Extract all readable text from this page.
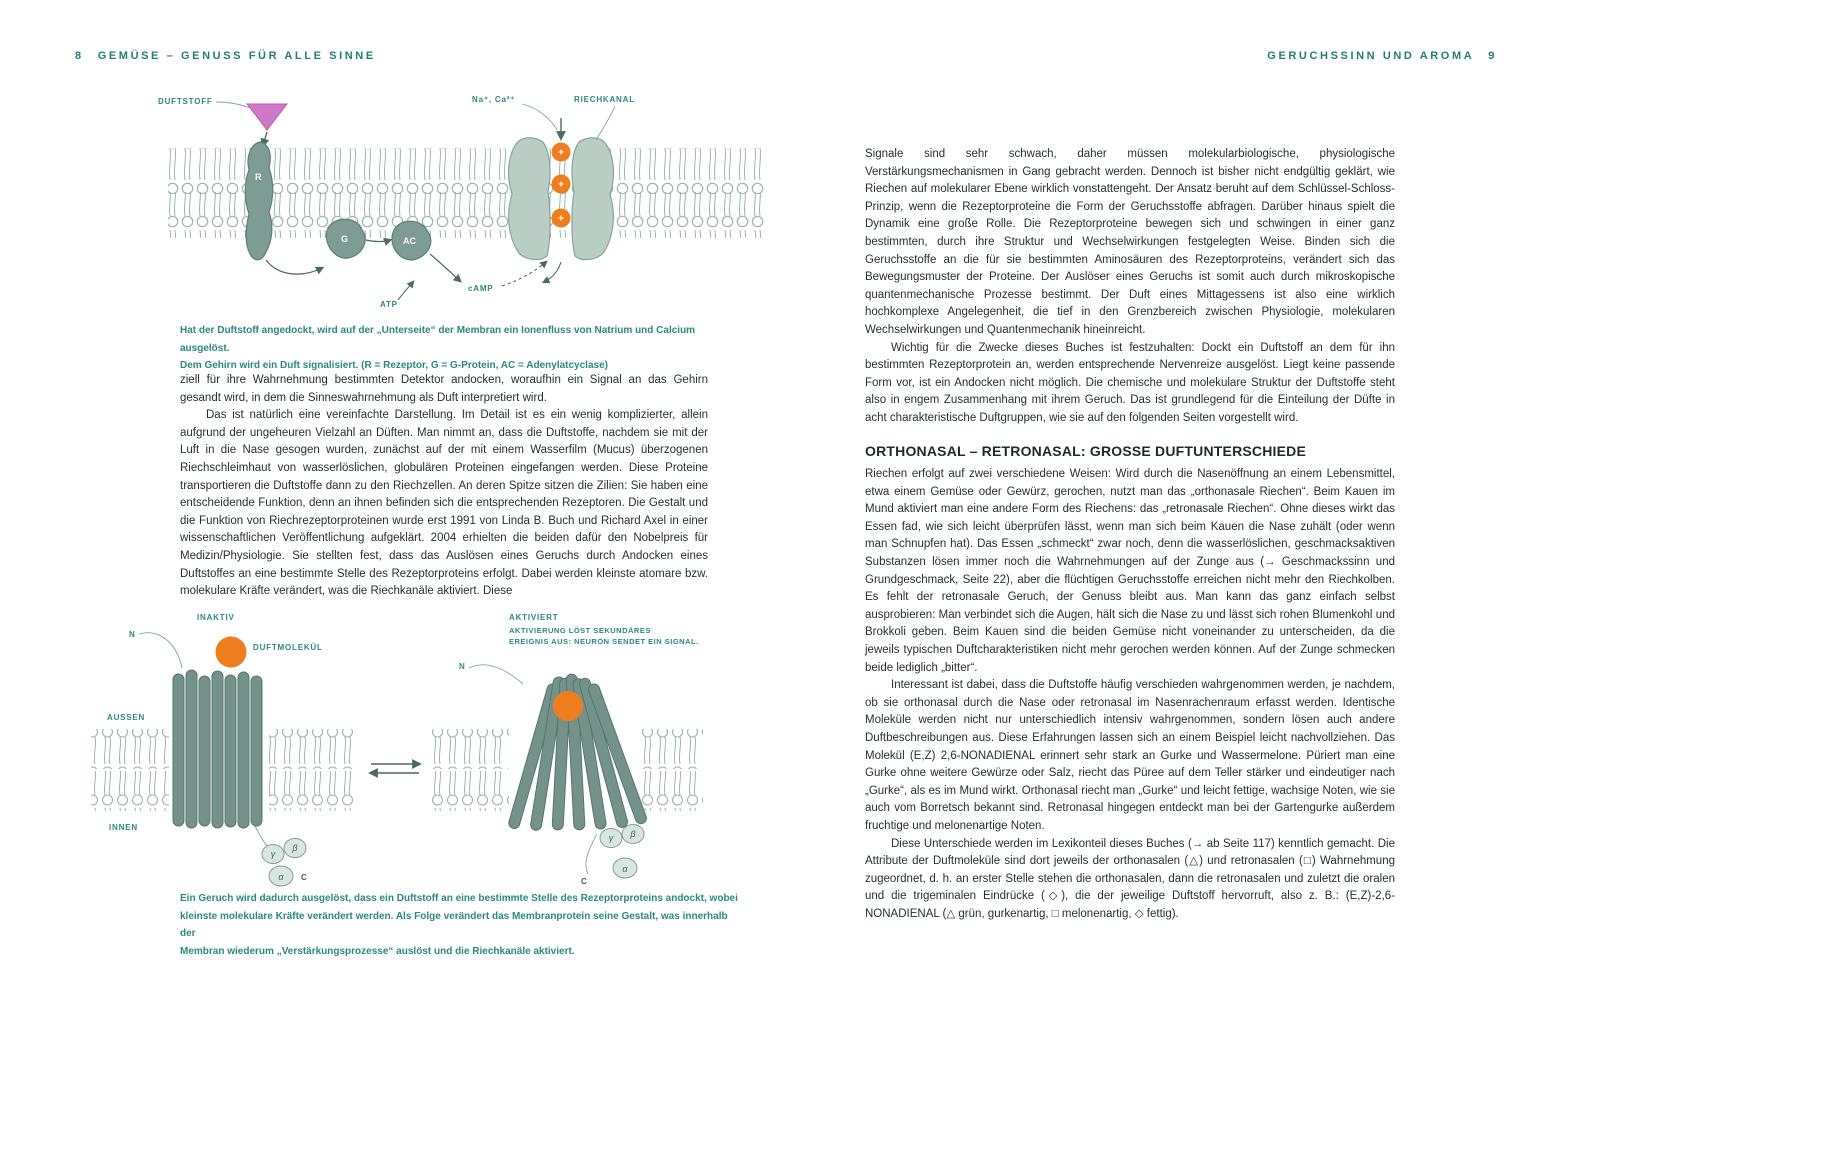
8 GEMÜSE – GENUSS FÜR ALLE SINNE	GERUCHSSINN UND AROMA 9
DUFTSTOFF
R
G	AC
cAMP
ATP
+
+
+
Na⁺, Ca²⁺	RIECHKANAL
Hat der Duftstoff angedockt, wird auf der „Unterseite“ der Membran ein Ionenfluss von Natrium und Calcium ausgelöst.
Dem Gehirn wird ein Duft signalisiert. (R = Rezeptor, G = G-Protein, AC = Adenylatcyclase)

ziell für ihre Wahrnehmung bestimmten Detektor andocken, woraufhin ein Signal an das Gehirn gesandt wird, in dem die Sinneswahrnehmung als Duft interpretiert wird.

Das ist natürlich eine vereinfachte Darstellung. Im Detail ist es ein wenig komplizierter, allein aufgrund der ungeheuren Vielzahl an Düften. Man nimmt an, dass die Duftstoffe, nachdem sie mit der Luft in die Nase gesogen wurden, zunächst auf der mit einem Wasserfilm (Mucus) überzogenen Riechschleimhaut von wasserlöslichen, globulären Proteinen eingefangen werden. Diese Proteine transportieren die Duftstoffe dann zu den Riechzellen. An deren Spitze sitzen die Zilien: Sie haben eine entscheidende Funktion, denn an ihnen befinden sich die entsprechenden Rezeptoren. Die Gestalt und die Funktion von Riechrezeptorproteinen wurde erst 1991 von Linda B. Buch und Richard Axel in einer wissenschaftlichen Veröffentlichung aufgeklärt. 2004 erhielten die beiden dafür den Nobelpreis für Medizin/Physiologie. Sie stellten fest, dass das Auslösen eines Geruchs durch Andocken eines Duftstoffes an eine bestimmte Stelle des Rezeptorproteins erfolgt. Dabei werden kleinste atomare bzw. molekulare Kräfte verändert, was die Riechkanäle aktiviert. Diese

INAKTIV	AKTIVIERT
AKTIVIERUNG LÖST SEKUNDÄRES
EREIGNIS AUS: NEURON SENDET EIN SIGNAL.
N
AUSSEN
INNEN
DUFTMOLEKÜL
γ
β
α C
N
γ β
α
C
Ein Geruch wird dadurch ausgelöst, dass ein Duftstoff an eine bestimmte Stelle des Rezeptorproteins andockt, wobei
kleinste molekulare Kräfte verändert werden. Als Folge verändert das Membranprotein seine Gestalt, was innerhalb der
Membran wiederum „Verstärkungsprozesse“ auslöst und die Riechkanäle aktiviert.

Signale sind sehr schwach, daher müssen molekularbiologische, physiologische Verstärkungsmechanismen in Gang gebracht werden. Dennoch ist bisher nicht endgültig geklärt, wie Riechen auf molekularer Ebene wirklich vonstattengeht. Der Ansatz beruht auf dem Schlüssel-Schloss-Prinzip, wenn die Rezeptorproteine die Form der Geruchsstoffe abfragen. Darüber hinaus spielt die Dynamik eine große Rolle. Die Rezeptorproteine bewegen sich und schwingen in einer ganz bestimmten, durch ihre Struktur und Wechselwirkungen festgelegten Weise. Binden sich die Geruchsstoffe an die für sie bestimmten Aminosäuren des Rezeptorproteins, verändert sich das Bewegungsmuster der Proteine. Der Auslöser eines Geruchs ist somit auch durch mikroskopische quantenmechanische Prozesse bestimmt. Der Duft eines Mittagessens ist also eine wirklich hochkomplexe Angelegenheit, die tief in den Grenzbereich zwischen Physiologie, molekularen Wechselwirkungen und Quantenmechanik hineinreicht.

Wichtig für die Zwecke dieses Buches ist festzuhalten: Dockt ein Duftstoff an dem für ihn bestimmten Rezeptorprotein an, werden entsprechende Nervenreize ausgelöst. Liegt keine passende Form vor, ist ein Andocken nicht möglich. Die chemische und molekulare Struktur der Duftstoffe steht also in engem Zusammenhang mit ihrem Geruch. Das ist grundlegend für die Einteilung der Düfte in acht charakteristische Duftgruppen, wie sie auf den folgenden Seiten vorgestellt wird.

ORTHONASAL – RETRONASAL: GROSSE DUFTUNTERSCHIEDE

Riechen erfolgt auf zwei verschiedene Weisen: Wird durch die Nasenöffnung an einem Lebensmittel, etwa einem Gemüse oder Gewürz, gerochen, nutzt man das „orthonasale Riechen“. Beim Kauen im Mund aktiviert man eine andere Form des Riechens: das „retronasale Riechen“. Ohne dieses wirkt das Essen fad, wie sich leicht überprüfen lässt, wenn man sich beim Kauen die Nase zuhält (oder wenn man Schnupfen hat). Das Essen „schmeckt“ zwar noch, denn die wasserlöslichen, geschmacksaktiven Substanzen lösen immer noch die Wahrnehmungen auf der Zunge aus (→ Geschmackssinn und Grundgeschmack, Seite 22), aber die flüchtigen Geruchsstoffe erreichen nicht mehr den Riechkolben. Es fehlt der retronasale Geruch, der Genuss bleibt aus. Man kann das ganz einfach selbst ausprobieren: Man verbindet sich die Augen, hält sich die Nase zu und lässt sich rohen Blumenkohl und Brokkoli geben. Beim Kauen sind die beiden Gemüse nicht voneinander zu unterscheiden, da die jeweils typischen Duftcharakteristiken nicht mehr gerochen werden können. Auf der Zunge schmecken beide lediglich „bitter“.

Interessant ist dabei, dass die Duftstoffe häufig verschieden wahrgenommen werden, je nachdem, ob sie orthonasal durch die Nase oder retronasal im Nasenrachenraum erfasst werden. Identische Moleküle werden nicht nur unterschiedlich intensiv wahrgenommen, sondern lösen auch andere Duftbeschreibungen aus. Diese Erfahrungen lassen sich an einem Beispiel leicht nachvollziehen. Das Molekül (E,Z) 2,6-NONADIENAL erinnert sehr stark an Gurke und Wassermelone. Püriert man eine Gurke ohne weitere Gewürze oder Salz, riecht das Püree auf dem Teller stärker und eindeutiger nach „Gurke“, als es im Mund wirkt. Orthonasal riecht man „Gurke“ und leicht fettige, wachsige Noten, wie sie auch vom Borretsch bekannt sind. Retronasal hingegen entdeckt man bei der Gartengurke außerdem fruchtige und melonenartige Noten.

Diese Unterschiede werden im Lexikonteil dieses Buches (→ ab Seite 117) kenntlich gemacht. Die Attribute der Duftmoleküle sind dort jeweils der orthonasalen (△) und retronasalen (□) Wahrnehmung zugeordnet, d. h. an erster Stelle stehen die orthonasalen, dann die retronasalen und zuletzt die oralen und die trigeminalen Eindrücke (◇), die der jeweilige Duftstoff hervorruft, also z. B.: (E,Z)-2,6-NONADIENAL (△ grün, gurkenartig, □ melonenartig, ◇ fettig).
